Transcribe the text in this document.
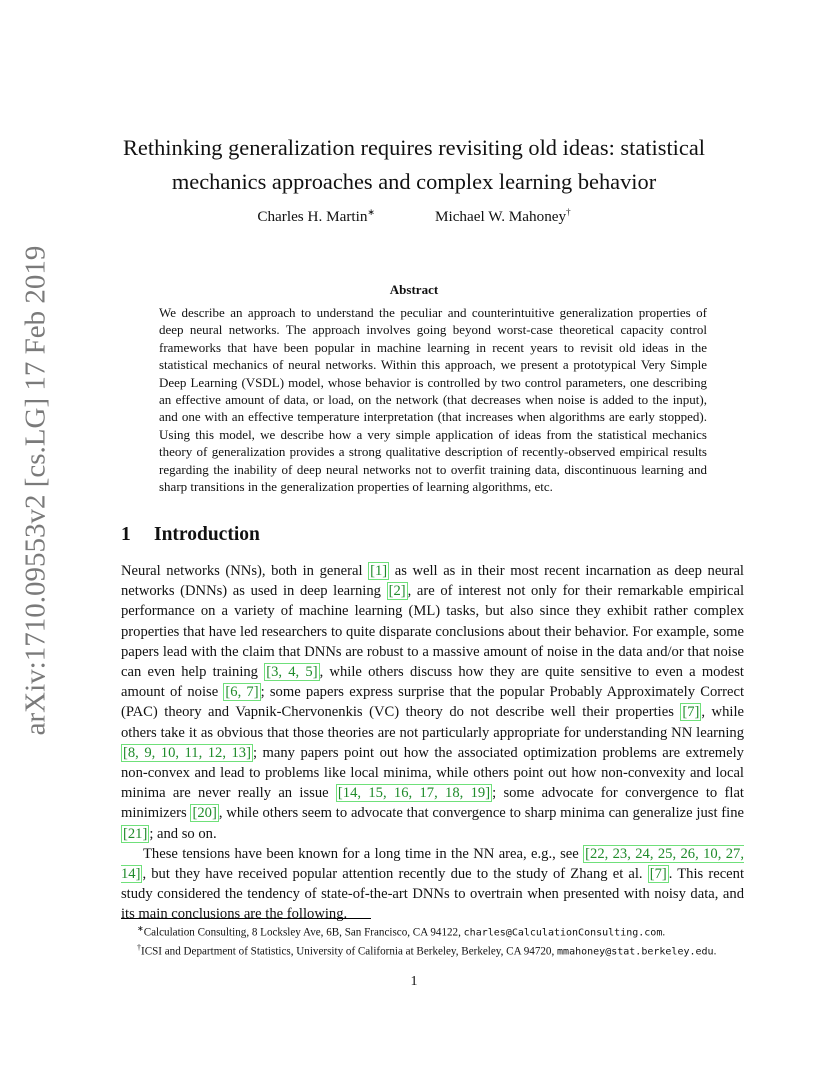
arXiv:1710.09553v2 [cs.LG] 17 Feb 2019
Rethinking generalization requires revisiting old ideas: statistical
mechanics approaches and complex learning behavior
Charles H. Martin∗	Michael W. Mahoney†
Abstract

We describe an approach to understand the peculiar and counterintuitive generalization properties of deep neural networks. The approach involves going beyond worst-case theoretical capacity control frameworks that have been popular in machine learning in recent years to revisit old ideas in the statistical mechanics of neural networks. Within this approach, we present a prototypical Very Simple Deep Learning (VSDL) model, whose behavior is controlled by two control parameters, one describing an effective amount of data, or load, on the network (that decreases when noise is added to the input), and one with an effective temperature interpretation (that increases when algorithms are early stopped). Using this model, we describe how a very simple application of ideas from the statistical mechanics theory of generalization provides a strong qualitative description of recently-observed empirical results regarding the inability of deep neural networks not to overfit training data, discontinuous learning and sharp transitions in the generalization properties of learning algorithms, etc.

1 Introduction

Neural networks (NNs), both in general [1] as well as in their most recent incarnation as deep neural networks (DNNs) as used in deep learning [2] , are of interest not only for their remarkable empirical performance on a variety of machine learning (ML) tasks, but also since they exhibit rather complex properties that have led researchers to quite disparate conclusions about their behavior. For example, some papers lead with the claim that DNNs are robust to a massive amount of noise in the data and/or that noise can even help training [3, 4, 5] , while others discuss how they are quite sensitive to even a modest amount of noise [6, 7] ; some papers express surprise that the popular Probably Approximately Correct (PAC) theory and Vapnik-Chervonenkis (VC) theory do not describe well their properties [7] , while others take it as obvious that those theories are not particularly appropriate for understanding NN learning [8, 9, 10, 11, 12, 13] ; many papers point out how the associated optimization problems are extremely non-convex and lead to problems like local minima, while others point out how non-convexity and local minima are never really an issue [14, 15, 16, 17, 18, 19] ; some advocate for convergence to flat minimizers [20] , while others seem to advocate that convergence to sharp minima can generalize just fine [21] ; and so on.

These tensions have been known for a long time in the NN area, e.g., see [22, 23, 24, 25, 26, 10, 27, 14] , but they have received popular attention recently due to the study of Zhang et al. [7] . This recent study considered the tendency of state-of-the-art DNNs to overtrain when presented with noisy data, and its main conclusions are the following.

∗Calculation Consulting, 8 Locksley Ave, 6B, San Francisco, CA 94122, charles@CalculationConsulting.com.

†ICSI and Department of Statistics, University of California at Berkeley, Berkeley, CA 94720, mmahoney@stat.berkeley.edu.

1
